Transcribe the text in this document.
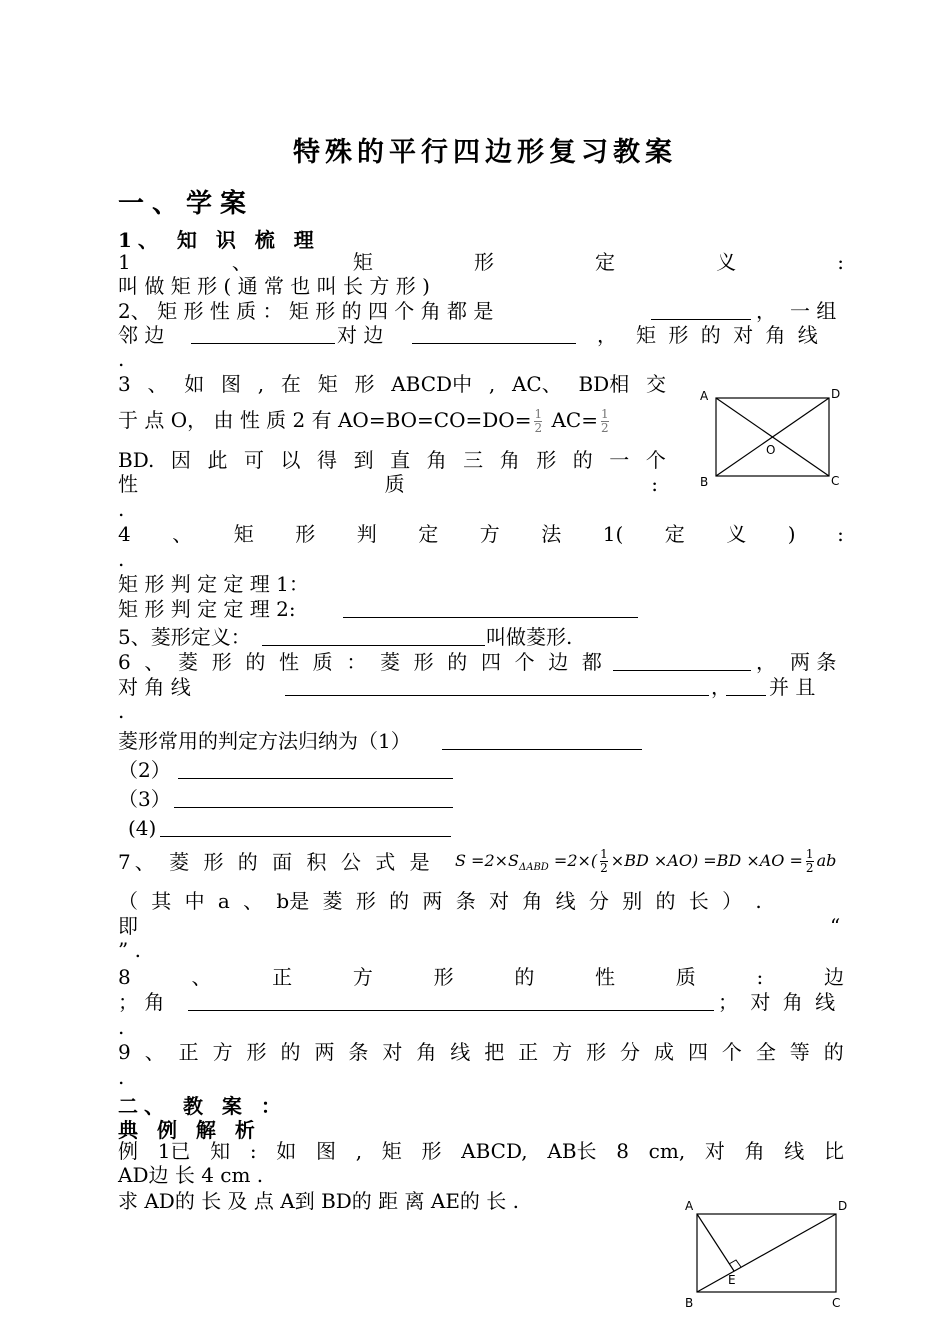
特殊的平行四边形复习教案
一、学案
1、 知 识 梳 理
1	、	矩	形	定	义	:
叫 做 矩 形 ( 通 常 也 叫 长 方 形 )
2、 矩 形 性 质 ： 矩 形 的 四 个 角 都 是	， 一 组
邻 边	对 边	， 矩 形 的 对 角 线
.
3 、 如 图 , 在 矩 形 ABCD中 , AC、 BD相 交
于 点 O， 由 性 质 2 有 $AO=BO=CO=DO= \frac{1}{2} AC= \frac{1}{2}$
BD. 因 此 可 以 得 到 直 角 三 角 形 的 一 个
性	质	:
.
A	D
B	C
O
4 、 矩 形 判 定 方 法 1( 定 义 ) :
.
矩 形 判 定 定 理 1：
矩 形 判 定 定 理 2:
5、菱形定义：	叫做菱形.
6 、 菱 形 的 性 质 ： 菱 形 的 四 个 边 都	， 两 条
对 角 线	， 并 且
.
菱形常用的判定方法归纳为（1）
（2）
（3）
(4)
7、 菱 形 的 面 积 公 式 是 $S =2\times S_{\Delta ABD} =2\times( \frac{1}{2} \times BD \times AO) =BD \times AO = \frac{1}{2}$ ab
（ 其 中 a 、 b是 菱 形 的 两 条 对 角 线 分 别 的 长 ） .
即	“
” .
8	、	正	方	形	的	性	质	:	边
； 角	； 对 角 线
.
9 、 正 方 形 的 两 条 对 角 线 把 正 方 形 分 成 四 个 全 等 的
.
二、 教 案 ：
典 例 解 析
例 1已 知 : 如 图 , 矩 形 ABCD, AB长 8 cm, 对 角 线 比
AD边 长 4 cm .
求 AD的 长 及 点 A到 BD的 距 离 AE的 长 .	A	D
B	C
E
